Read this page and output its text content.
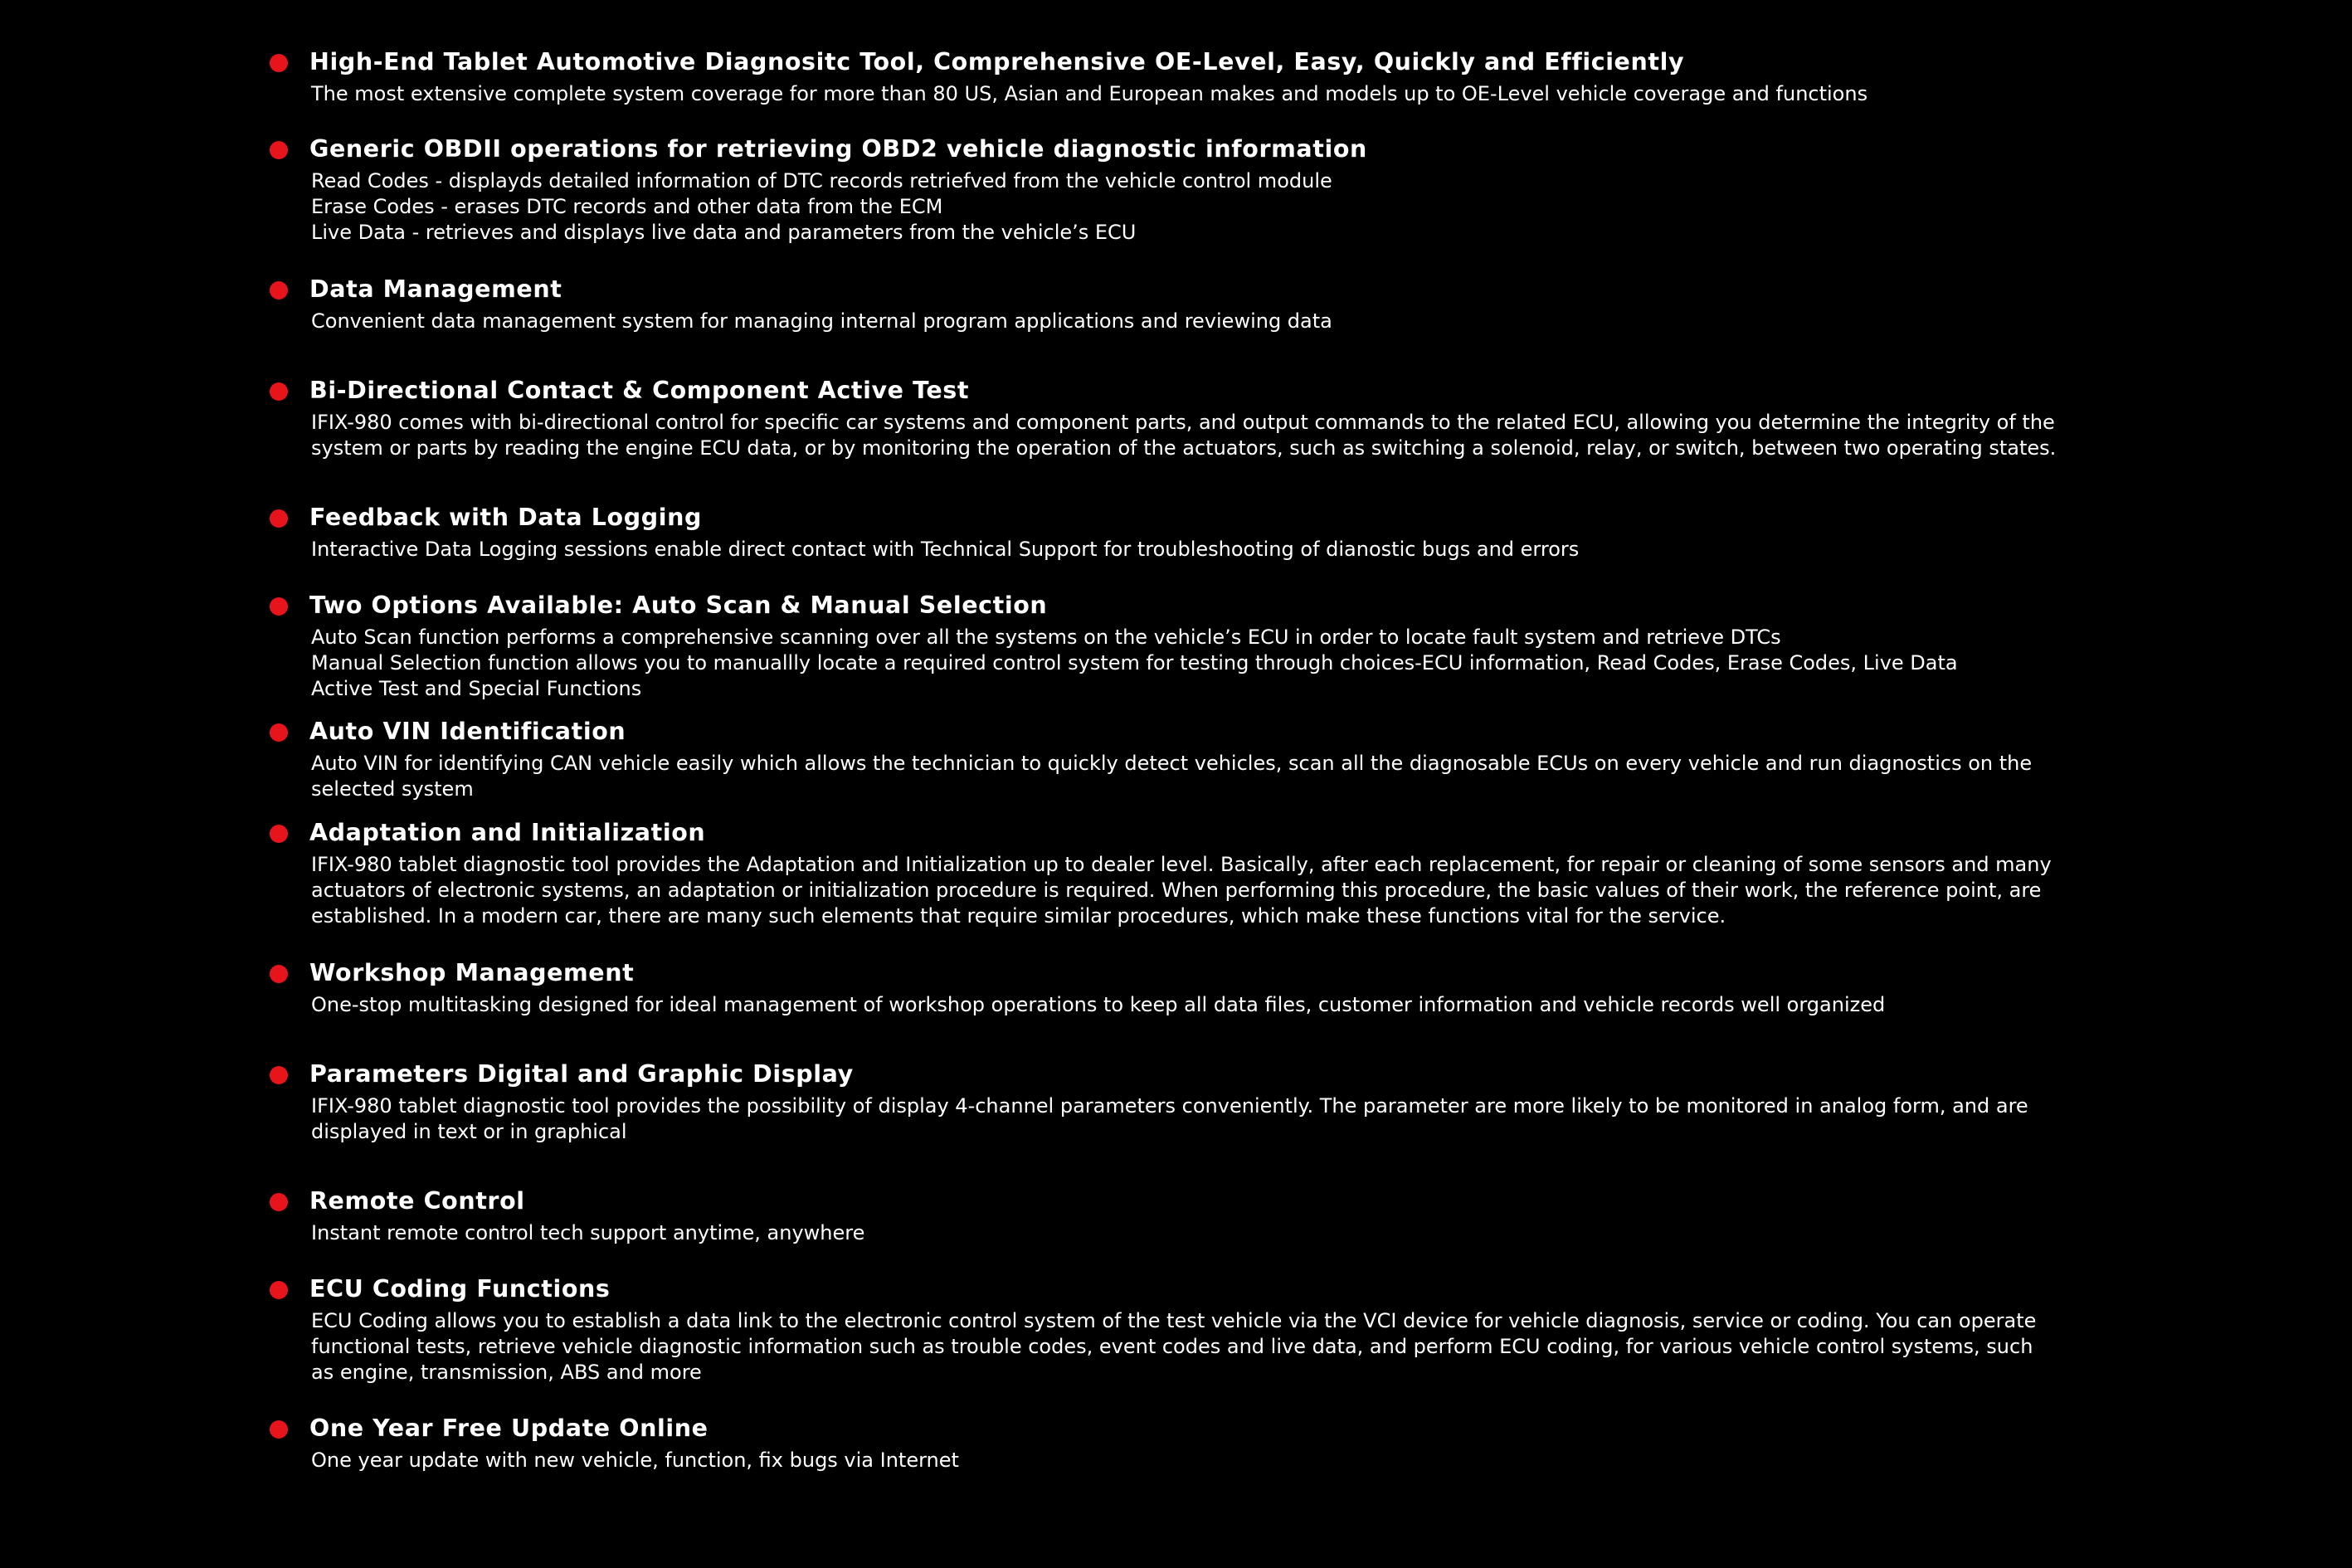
High-End Tablet Automotive Diagnositc Tool, Comprehensive OE-Level, Easy, Quickly and Efficiently
The most extensive complete system coverage for more than 80 US, Asian and European makes and models up to OE-Level vehicle coverage and functions
Generic OBDII operations for retrieving OBD2 vehicle diagnostic information
Read Codes - displayds detailed information of DTC records retriefved from the vehicle control module
Erase Codes - erases DTC records and other data from the ECM
Live Data - retrieves and displays live data and parameters from the vehicle’s ECU
Data Management
Convenient data management system for managing internal program applications and reviewing data
Bi-Directional Contact & Component Active Test
IFIX-980 comes with bi-directional control for specific car systems and component parts, and output commands to the related ECU, allowing you determine the integrity of the
system or parts by reading the engine ECU data, or by monitoring the operation of the actuators, such as switching a solenoid, relay, or switch, between two operating states.
Feedback with Data Logging
Interactive Data Logging sessions enable direct contact with Technical Support for troubleshooting of dianostic bugs and errors
Two Options Available: Auto Scan & Manual Selection
Auto Scan function performs a comprehensive scanning over all the systems on the vehicle’s ECU in order to locate fault system and retrieve DTCs
Manual Selection function allows you to manuallly locate a required control system for testing through choices-ECU information, Read Codes, Erase Codes, Live Data
Active Test and Special Functions
Auto VIN Identification
Auto VIN for identifying CAN vehicle easily which allows the technician to quickly detect vehicles, scan all the diagnosable ECUs on every vehicle and run diagnostics on the
selected system
Adaptation and Initialization
IFIX-980 tablet diagnostic tool provides the Adaptation and Initialization up to dealer level. Basically, after each replacement, for repair or cleaning of some sensors and many
actuators of electronic systems, an adaptation or initialization procedure is required. When performing this procedure, the basic values of their work, the reference point, are
established. In a modern car, there are many such elements that require similar procedures, which make these functions vital for the service.
Workshop Management
One-stop multitasking designed for ideal management of workshop operations to keep all data files, customer information and vehicle records well organized
Parameters Digital and Graphic Display
IFIX-980 tablet diagnostic tool provides the possibility of display 4-channel parameters conveniently. The parameter are more likely to be monitored in analog form, and are
displayed in text or in graphical
Remote Control
Instant remote control tech support anytime, anywhere
ECU Coding Functions
ECU Coding allows you to establish a data link to the electronic control system of the test vehicle via the VCI device for vehicle diagnosis, service or coding. You can operate
functional tests, retrieve vehicle diagnostic information such as trouble codes, event codes and live data, and perform ECU coding, for various vehicle control systems, such
as engine, transmission, ABS and more
One Year Free Update Online
One year update with new vehicle, function, fix bugs via Internet
